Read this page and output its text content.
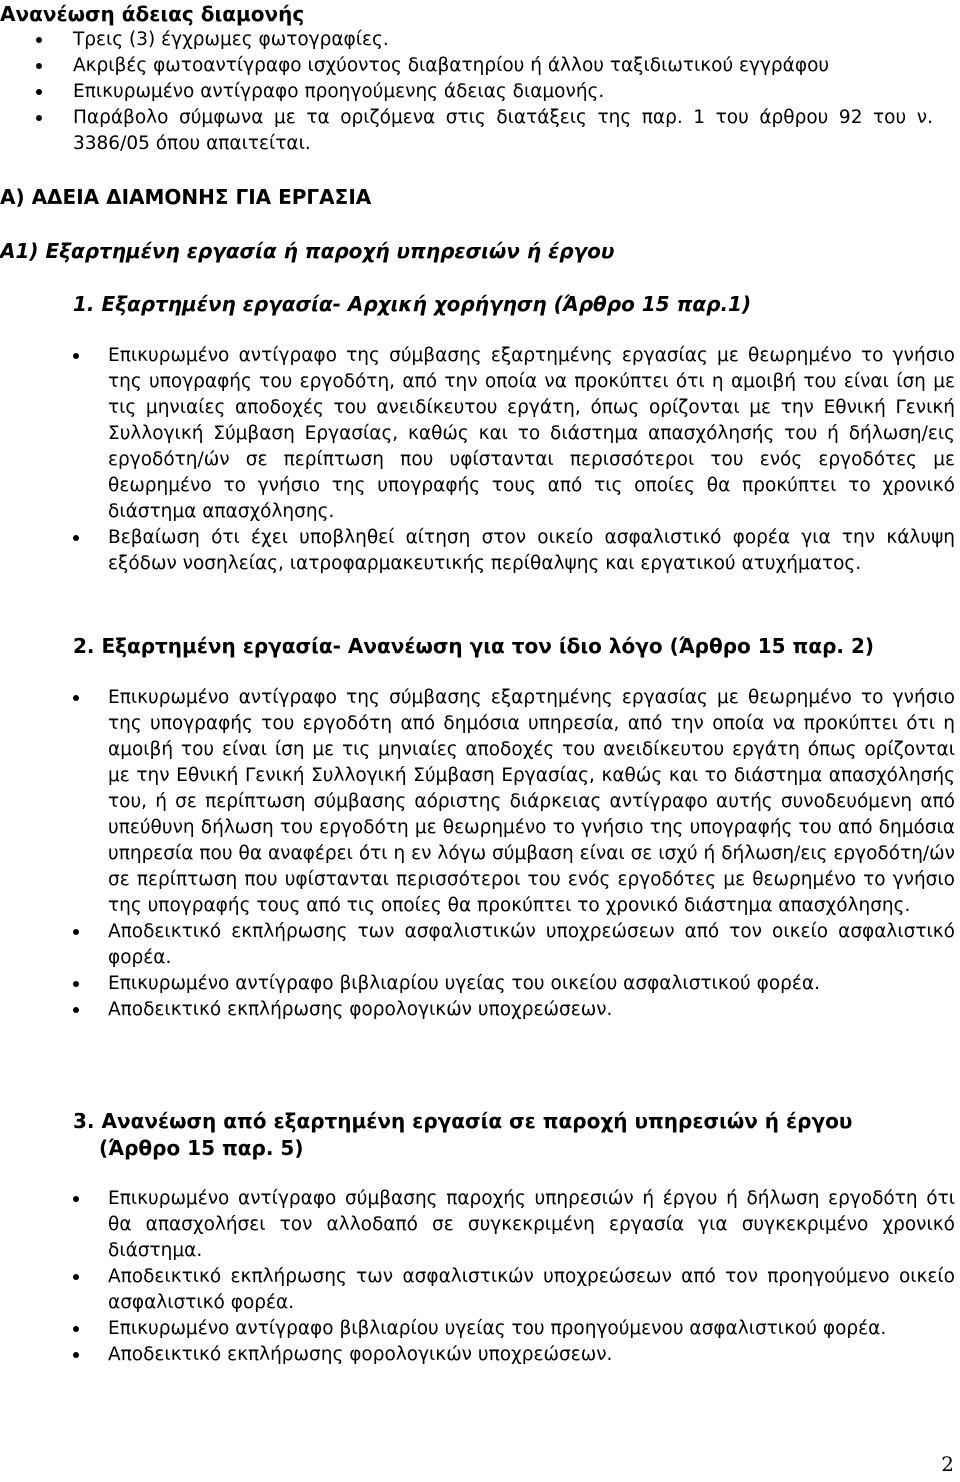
Ανανέωση άδειας διαμονής
Τρεις (3) έγχρωμες φωτογραφίες.
Ακριβές φωτοαντίγραφο ισχύοντος διαβατηρίου ή άλλου ταξιδιωτικού εγγράφου
Επικυρωμένο αντίγραφο προηγούμενης άδειας διαμονής.
Παράβολο σύμφωνα με τα οριζόμενα στις διατάξεις της παρ. 1 του άρθρου 92 του ν. 3386/05 όπου απαιτείται.
Α) ΑΔΕΙΑ ΔΙΑΜΟΝΗΣ ΓΙΑ ΕΡΓΑΣΙΑ
Α1) Εξαρτημένη εργασία ή παροχή υπηρεσιών ή έργου
1. Εξαρτημένη εργασία- Αρχική χορήγηση (Άρθρο 15 παρ.1)
Επικυρωμένο αντίγραφο της σύμβασης εξαρτημένης εργασίας με θεωρημένο το γνήσιο της υπογραφής του εργοδότη, από την οποία να προκύπτει ότι η αμοιβή του είναι ίση με τις μηνιαίες αποδοχές του ανειδίκευτου εργάτη, όπως ορίζονται με την Εθνική Γενική Συλλογική Σύμβαση Εργασίας, καθώς και το διάστημα απασχόλησής του ή δήλωση/εις εργοδότη/ών σε περίπτωση που υφίστανται περισσότεροι του ενός εργοδότες με θεωρημένο το γνήσιο της υπογραφής τους από τις οποίες θα προκύπτει το χρονικό διάστημα απασχόλησης.
Βεβαίωση ότι έχει υποβληθεί αίτηση στον οικείο ασφαλιστικό φορέα για την κάλυψη εξόδων νοσηλείας, ιατροφαρμακευτικής περίθαλψης και εργατικού ατυχήματος.
2. Εξαρτημένη εργασία- Ανανέωση για τον ίδιο λόγο (Άρθρο 15 παρ. 2)
Επικυρωμένο αντίγραφο της σύμβασης εξαρτημένης εργασίας με θεωρημένο το γνήσιο της υπογραφής του εργοδότη από δημόσια υπηρεσία, από την οποία να προκύπτει ότι η αμοιβή του είναι ίση με τις μηνιαίες αποδοχές του ανειδίκευτου εργάτη όπως ορίζονται με την Εθνική Γενική Συλλογική Σύμβαση Εργασίας, καθώς και το διάστημα απασχόλησής του, ή σε περίπτωση σύμβασης αόριστης διάρκειας αντίγραφο αυτής συνοδευόμενη από υπεύθυνη δήλωση του εργοδότη με θεωρημένο το γνήσιο της υπογραφής του από δημόσια υπηρεσία που θα αναφέρει ότι η εν λόγω σύμβαση είναι σε ισχύ ή δήλωση/εις εργοδότη/ών σε περίπτωση που υφίστανται περισσότεροι του ενός εργοδότες με θεωρημένο το γνήσιο της υπογραφής τους από τις οποίες θα προκύπτει το χρονικό διάστημα απασχόλησης.
Αποδεικτικό εκπλήρωσης των ασφαλιστικών υποχρεώσεων από τον οικείο ασφαλιστικό φορέα.
Επικυρωμένο αντίγραφο βιβλιαρίου υγείας του οικείου ασφαλιστικού φορέα.
Αποδεικτικό εκπλήρωσης φορολογικών υποχρεώσεων.
3. Ανανέωση από εξαρτημένη εργασία σε παροχή υπηρεσιών ή έργου
(Άρθρο 15 παρ. 5)
Επικυρωμένο αντίγραφο σύμβασης παροχής υπηρεσιών ή έργου ή δήλωση εργοδότη ότι θα απασχολήσει τον αλλοδαπό σε συγκεκριμένη εργασία για συγκεκριμένο χρονικό διάστημα.
Αποδεικτικό εκπλήρωσης των ασφαλιστικών υποχρεώσεων από τον προηγούμενο οικείο ασφαλιστικό φορέα.
Επικυρωμένο αντίγραφο βιβλιαρίου υγείας του προηγούμενου ασφαλιστικού φορέα.
Αποδεικτικό εκπλήρωσης φορολογικών υποχρεώσεων.
2
